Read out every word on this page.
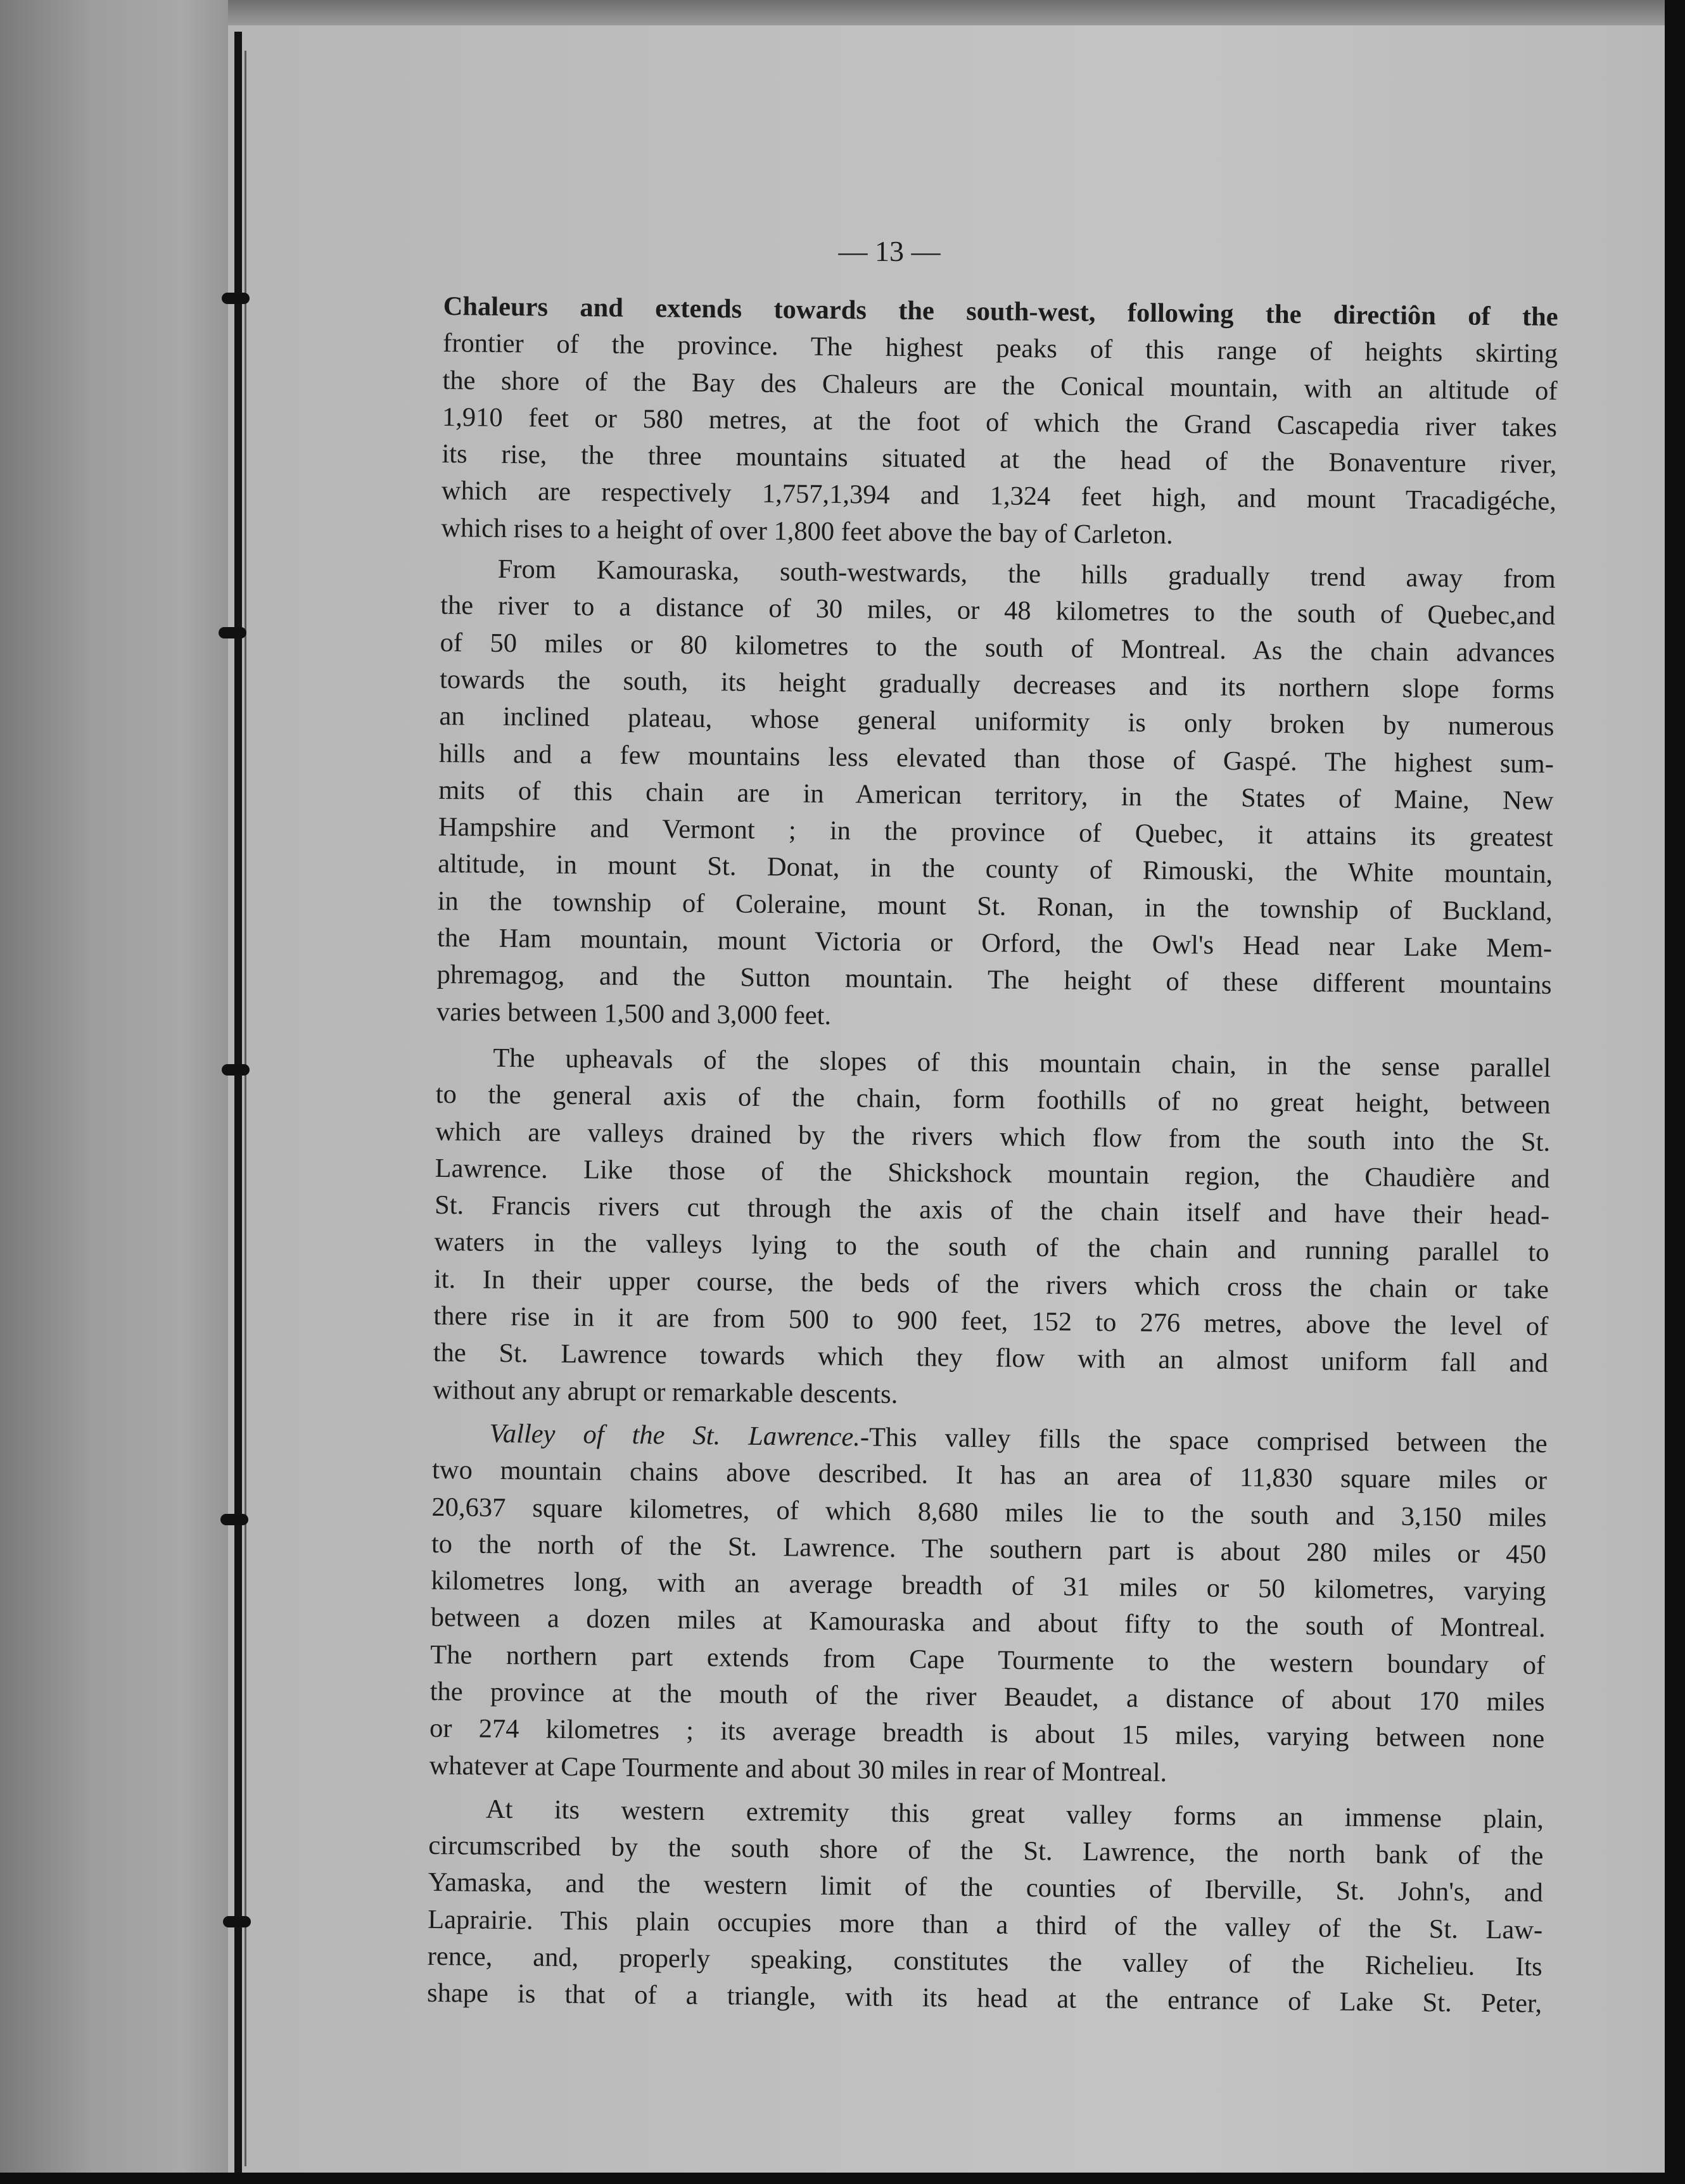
— 13 —
Chaleurs and extends towards the south-west, following the directiôn of the
frontier of the province. The highest peaks of this range of heights skirting
the shore of the Bay des Chaleurs are the Conical mountain, with an altitude of
1,910 feet or 580 metres, at the foot of which the Grand Cascapedia river takes
its rise, the three mountains situated at the head of the Bonaventure river,
which are respectively 1,757,1,394 and 1,324 feet high, and mount Tracadigéche,
which rises to a height of over 1,800 feet above the bay of Carleton.
From Kamouraska, south-westwards, the hills gradually trend away from
the river to a distance of 30 miles, or 48 kilometres to the south of Quebec,and
of 50 miles or 80 kilometres to the south of Montreal. As the chain advances
towards the south, its height gradually decreases and its northern slope forms
an inclined plateau, whose general uniformity is only broken by numerous
hills and a few mountains less elevated than those of Gaspé. The highest sum-
mits of this chain are in American territory, in the States of Maine, New
Hampshire and Vermont ; in the province of Quebec, it attains its greatest
altitude, in mount St. Donat, in the county of Rimouski, the White mountain,
in the township of Coleraine, mount St. Ronan, in the township of Buckland,
the Ham mountain, mount Victoria or Orford, the Owl's Head near Lake Mem-
phremagog, and the Sutton mountain. The height of these different mountains
varies between 1,500 and 3,000 feet.
The upheavals of the slopes of this mountain chain, in the sense parallel
to the general axis of the chain, form foothills of no great height, between
which are valleys drained by the rivers which flow from the south into the St.
Lawrence. Like those of the Shickshock mountain region, the Chaudière and
St. Francis rivers cut through the axis of the chain itself and have their head-
waters in the valleys lying to the south of the chain and running parallel to
it. In their upper course, the beds of the rivers which cross the chain or take
there rise in it are from 500 to 900 feet, 152 to 276 metres, above the level of
the St. Lawrence towards which they flow with an almost uniform fall and
without any abrupt or remarkable descents.
Valley of the St. Lawrence.-This valley fills the space comprised between the
two mountain chains above described. It has an area of 11,830 square miles or
20,637 square kilometres, of which 8,680 miles lie to the south and 3,150 miles
to the north of the St. Lawrence. The southern part is about 280 miles or 450
kilometres long, with an average breadth of 31 miles or 50 kilometres, varying
between a dozen miles at Kamouraska and about fifty to the south of Montreal.
The northern part extends from Cape Tourmente to the western boundary of
the province at the mouth of the river Beaudet, a distance of about 170 miles
or 274 kilometres ; its average breadth is about 15 miles, varying between none
whatever at Cape Tourmente and about 30 miles in rear of Montreal.
At its western extremity this great valley forms an immense plain,
circumscribed by the south shore of the St. Lawrence, the north bank of the
Yamaska, and the western limit of the counties of Iberville, St. John's, and
Laprairie. This plain occupies more than a third of the valley of the St. Law-
rence, and, properly speaking, constitutes the valley of the Richelieu. Its
shape is that of a triangle, with its head at the entrance of Lake St. Peter,
